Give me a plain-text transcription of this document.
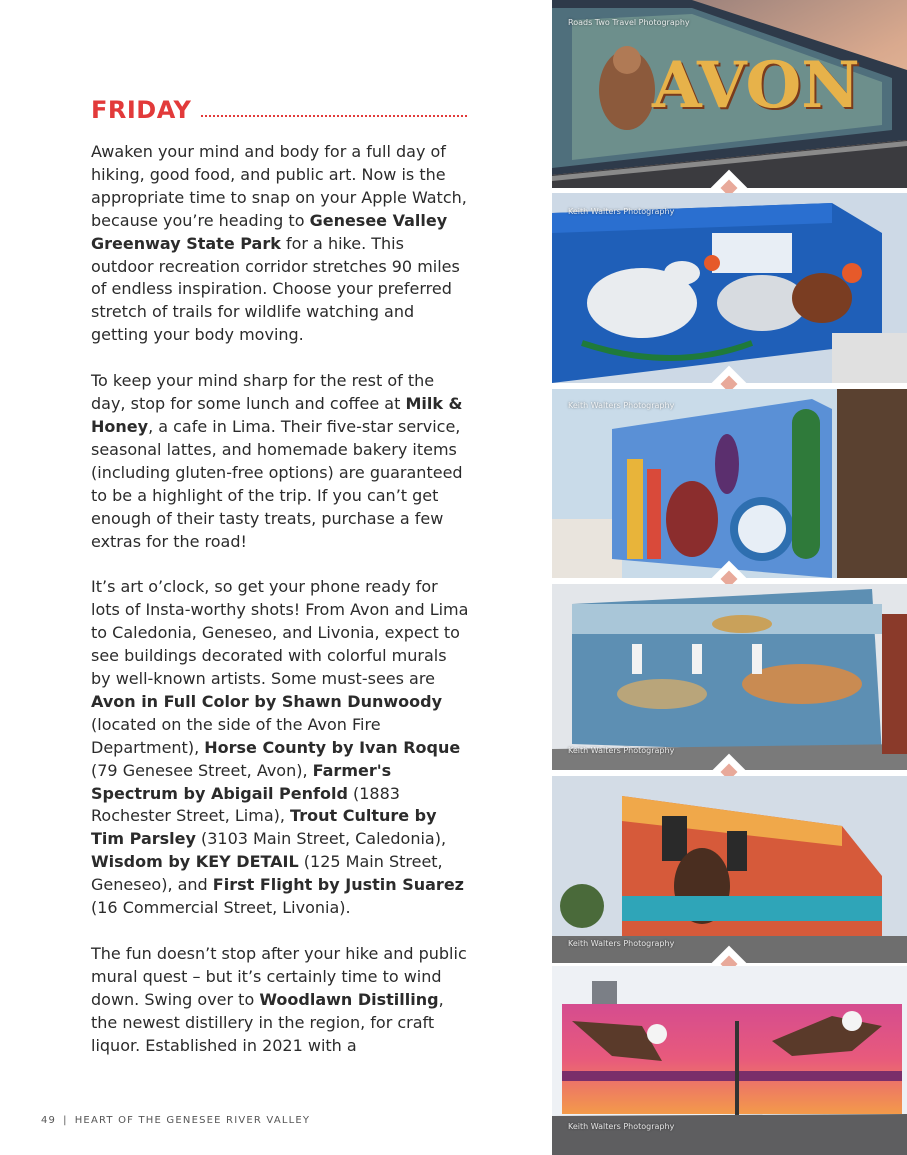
FRIDAY

Awaken your mind and body for a full day of hiking, good food, and public art. Now is the appropriate time to snap on your Apple Watch, because you’re heading to Genesee Valley Greenway State Park for a hike. This outdoor recreation corridor stretches 90 miles of endless inspiration. Choose your preferred stretch of trails for wildlife watching and getting your body moving.

To keep your mind sharp for the rest of the day, stop for some lunch and coffee at Milk & Honey, a cafe in Lima. Their five-star service, seasonal lattes, and homemade bakery items (including gluten-free options) are guaranteed to be a highlight of the trip. If you can’t get enough of their tasty treats, purchase a few extras for the road!

It’s art o’clock, so get your phone ready for lots of Insta-worthy shots! From Avon and Lima to Caledonia, Geneseo, and Livonia, expect to see buildings decorated with colorful murals by well-known artists. Some must-sees are Avon in Full Color by Shawn Dunwoody (located on the side of the Avon Fire Department), Horse County by Ivan Roque (79 Genesee Street, Avon), Farmer's Spectrum by Abigail Penfold (1883 Rochester Street, Lima), Trout Culture by Tim Parsley (3103 Main Street, Caledonia), Wisdom by KEY DETAIL (125 Main Street, Geneseo), and First Flight by Justin Suarez (16 Commercial Street, Livonia).

The fun doesn’t stop after your hike and public mural quest – but it’s certainly time to wind down. Swing over to Woodlawn Distilling, the newest distillery in the region, for craft liquor. Established in 2021 with a

49 | HEART OF THE GENESEE RIVER VALLEY
AVON
Roads Two Travel Photography
Keith Walters Photography
Keith Walters Photography
Keith Walters Photography
Keith Walters Photography
Keith Walters Photography
